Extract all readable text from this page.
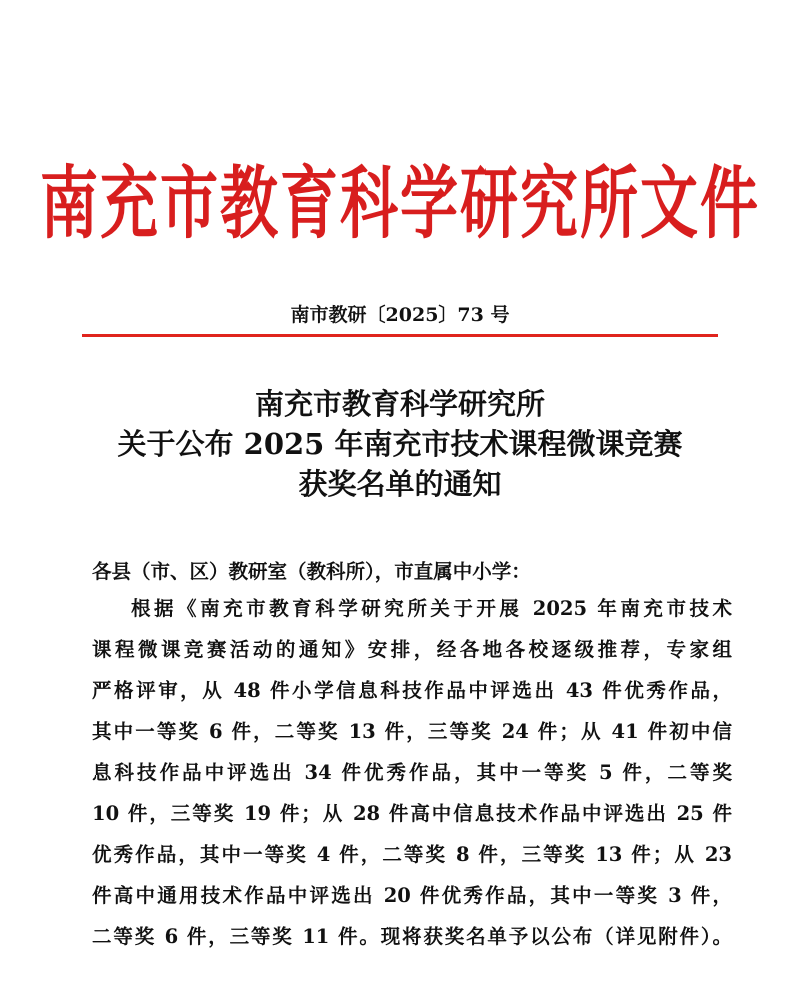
南充市教育科学研究所文件
南市教研〔2025〕73 号
南充市教育科学研究所
关于公布 2025 年南充市技术课程微课竞赛
获奖名单的通知
各县（市、区）教研室（教科所），市直属中小学：
根据《南充市教育科学研究所关于开展 2025 年南充市技术
课程微课竞赛活动的通知》安排，经各地各校逐级推荐，专家组
严格评审，从 48 件小学信息科技作品中评选出 43 件优秀作品，
其中一等奖 6 件，二等奖 13 件，三等奖 24 件；从 41 件初中信
息科技作品中评选出 34 件优秀作品，其中一等奖 5 件，二等奖
10 件，三等奖 19 件；从 28 件高中信息技术作品中评选出 25 件
优秀作品，其中一等奖 4 件，二等奖 8 件，三等奖 13 件；从 23
件高中通用技术作品中评选出 20 件优秀作品，其中一等奖 3 件，
二等奖 6 件，三等奖 11 件。现将获奖名单予以公布（详见附件）。
